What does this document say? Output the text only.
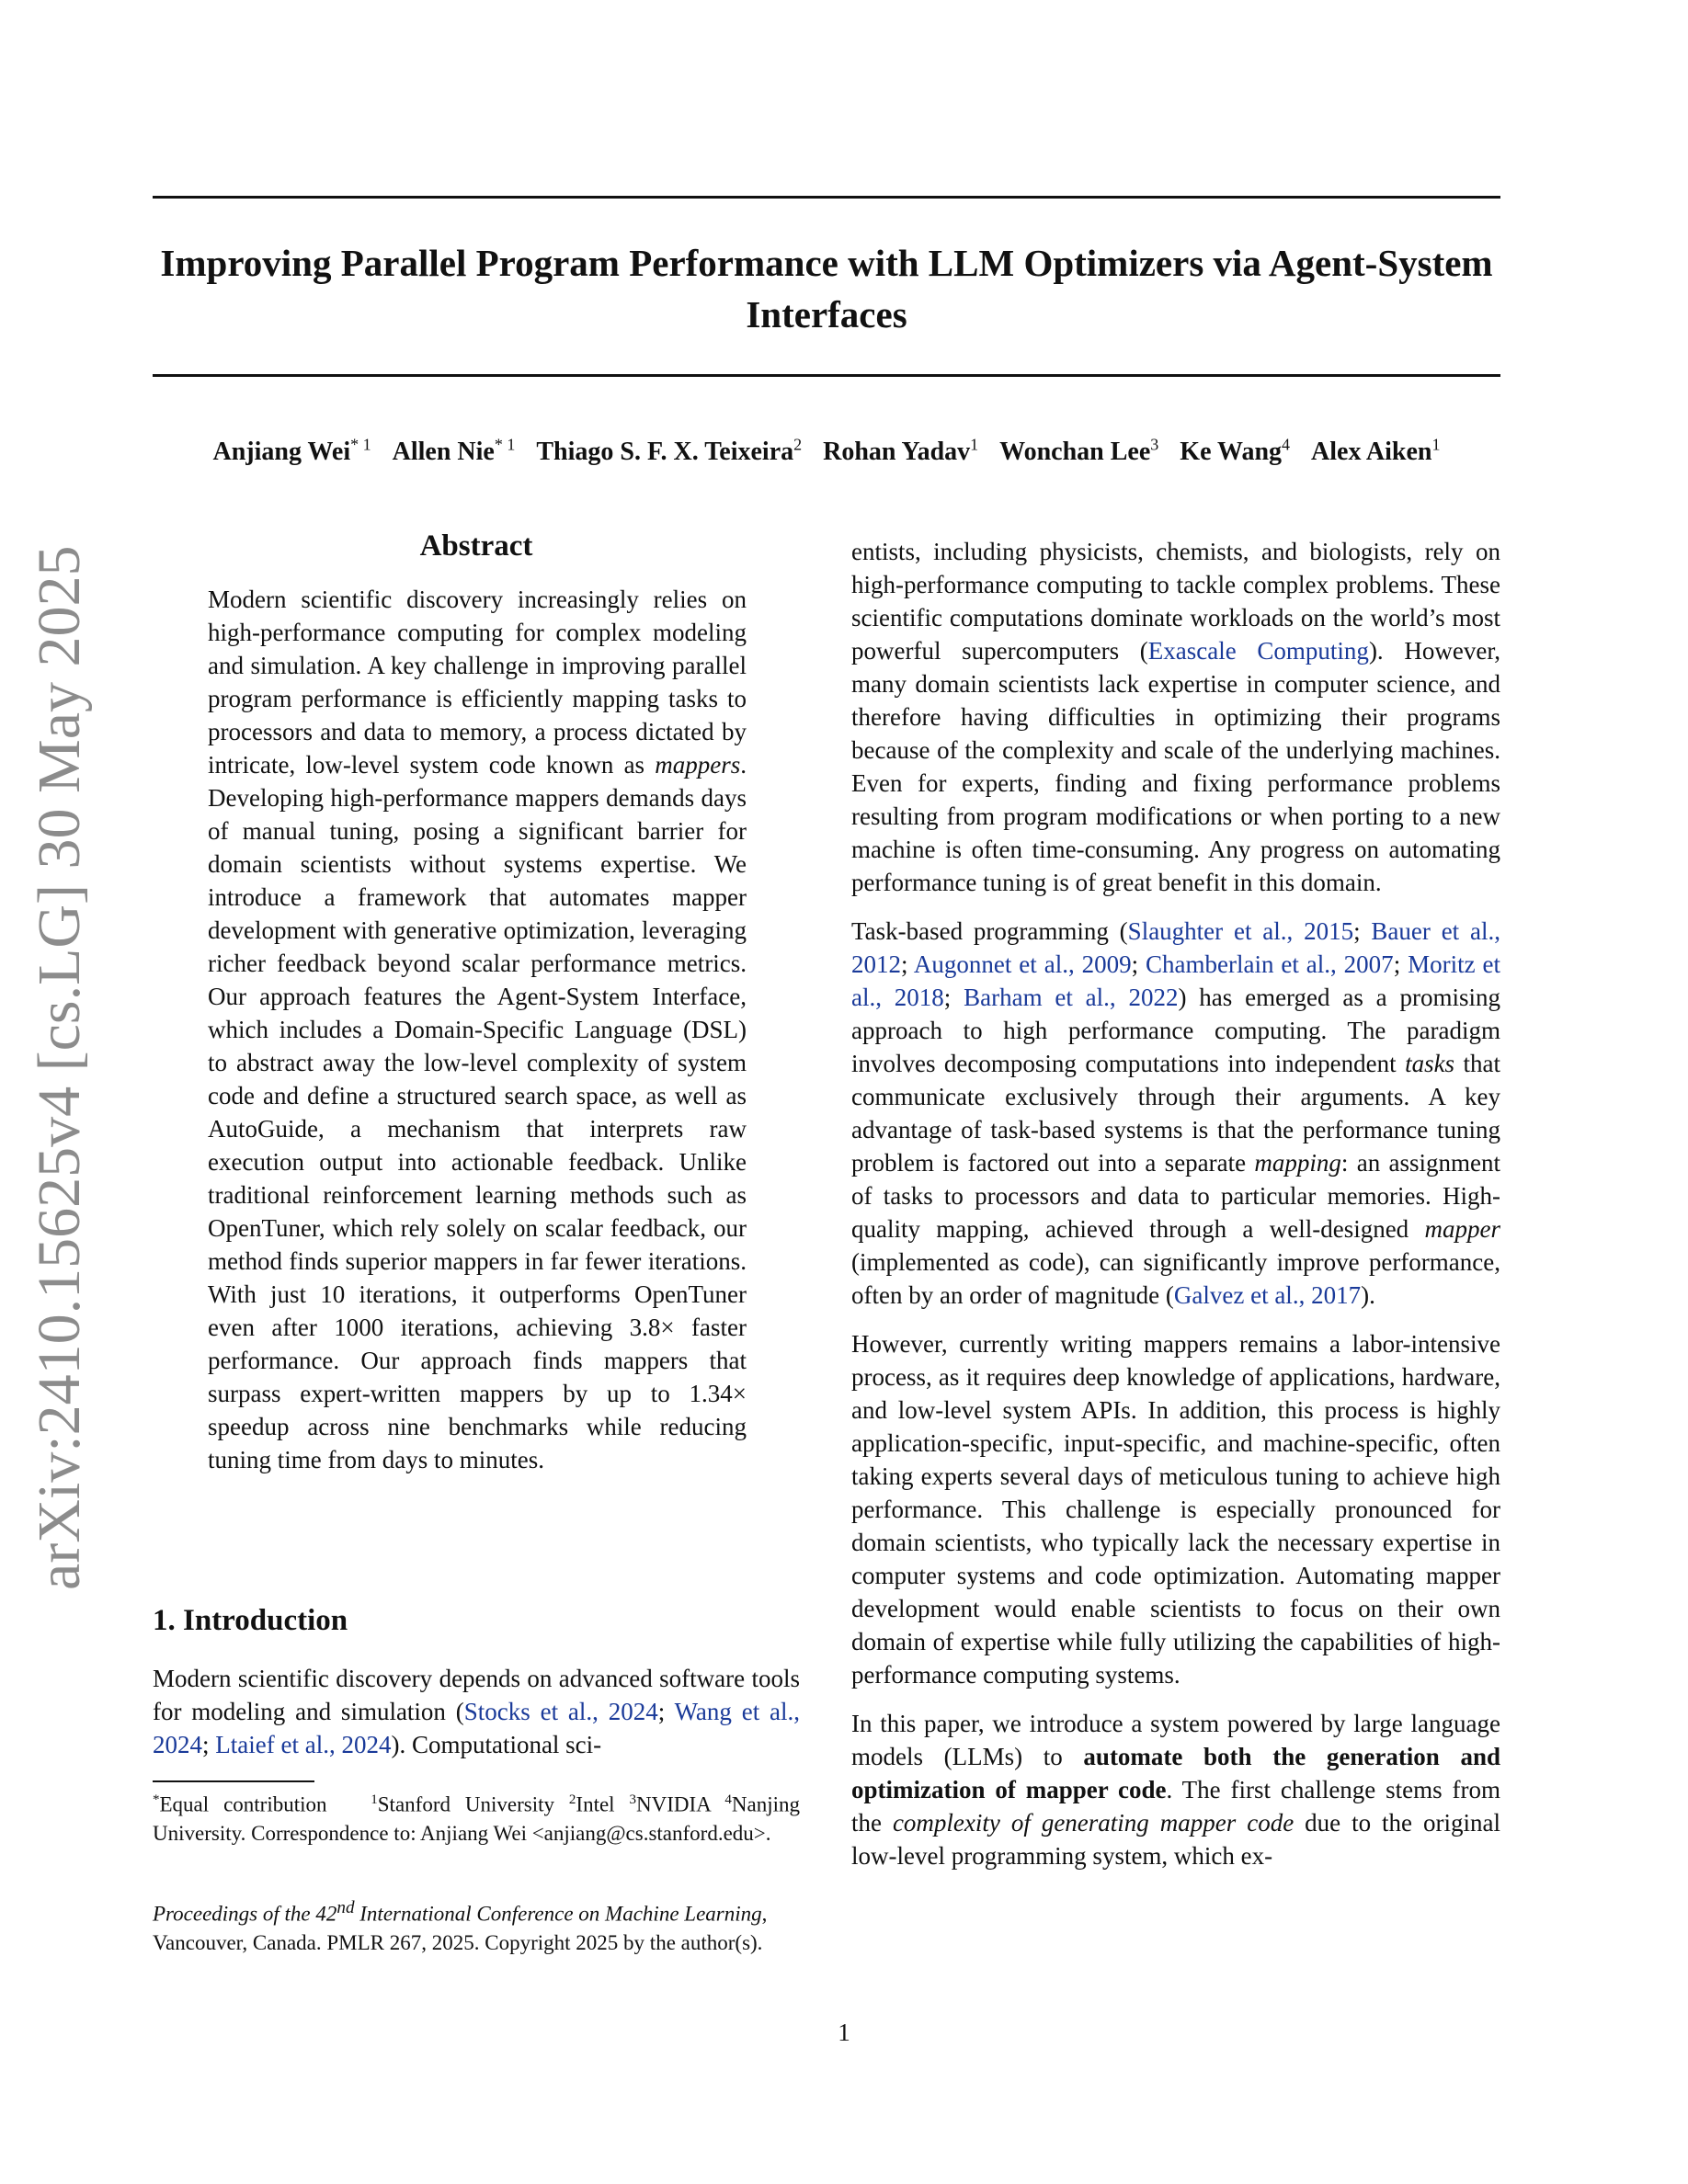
arXiv:2410.15625v4 [cs.LG] 30 May 2025
Improving Parallel Program Performance with LLM Optimizers via Agent-System Interfaces
Anjiang Wei$^{* 1}$ Allen Nie$^{* 1}$ Thiago S. F. X. Teixeira$^2$ Rohan Yadav$^1$ Wonchan Lee$^3$ Ke Wang$^4$ Alex Aiken$^1$
Abstract
Modern scientific discovery increasingly relies on high-performance computing for complex modeling and simulation. A key challenge in improving parallel program performance is efficiently mapping tasks to processors and data to memory, a process dictated by intricate, low-level system code known as mappers. Developing high-performance mappers demands days of manual tuning, posing a significant barrier for domain scientists without systems expertise. We introduce a framework that automates mapper development with generative optimization, leveraging richer feedback beyond scalar performance metrics. Our approach features the Agent-System Interface, which includes a Domain-Specific Language (DSL) to abstract away the low-level complexity of system code and define a structured search space, as well as AutoGuide, a mechanism that interprets raw execution output into actionable feedback. Unlike traditional reinforcement learning methods such as OpenTuner, which rely solely on scalar feedback, our method finds superior mappers in far fewer iterations. With just 10 iterations, it outperforms OpenTuner even after 1000 iterations, achieving 3.8× faster performance. Our approach finds mappers that surpass expert-written mappers by up to 1.34× speedup across nine benchmarks while reducing tuning time from days to minutes.
1. Introduction
Modern scientific discovery depends on advanced software tools for modeling and simulation (Stocks et al., 2024; Wang et al., 2024; Ltaief et al., 2024). Computational sci-
*Equal contribution	$^1$Stanford University $^2$Intel $^3$NVIDIA $^4$Nanjing University. Correspondence to: Anjiang Wei <anjiang@cs.stanford.edu>.
Proceedings of the 42nd International Conference on Machine Learning, Vancouver, Canada. PMLR 267, 2025. Copyright 2025 by the author(s).

entists, including physicists, chemists, and biologists, rely on high-performance computing to tackle complex problems. These scientific computations dominate workloads on the world’s most powerful supercomputers (Exascale Computing). However, many domain scientists lack expertise in computer science, and therefore having difficulties in optimizing their programs because of the complexity and scale of the underlying machines. Even for experts, finding and fixing performance problems resulting from program modifications or when porting to a new machine is often time-consuming. Any progress on automating performance tuning is of great benefit in this domain.

Task-based programming (Slaughter et al., 2015; Bauer et al., 2012; Augonnet et al., 2009; Chamberlain et al., 2007; Moritz et al., 2018; Barham et al., 2022) has emerged as a promising approach to high performance computing. The paradigm involves decomposing computations into independent tasks that communicate exclusively through their arguments. A key advantage of task-based systems is that the performance tuning problem is factored out into a separate mapping: an assignment of tasks to processors and data to particular memories. High-quality mapping, achieved through a well-designed mapper (implemented as code), can significantly improve performance, often by an order of magnitude (Galvez et al., 2017).

However, currently writing mappers remains a labor-intensive process, as it requires deep knowledge of applications, hardware, and low-level system APIs. In addition, this process is highly application-specific, input-specific, and machine-specific, often taking experts several days of meticulous tuning to achieve high performance. This challenge is especially pronounced for domain scientists, who typically lack the necessary expertise in computer systems and code optimization. Automating mapper development would enable scientists to focus on their own domain of expertise while fully utilizing the capabilities of high-performance computing systems.

In this paper, we introduce a system powered by large language models (LLMs) to automate both the generation and optimization of mapper code. The first challenge stems from the complexity of generating mapper code due to the original low-level programming system, which ex-

1
